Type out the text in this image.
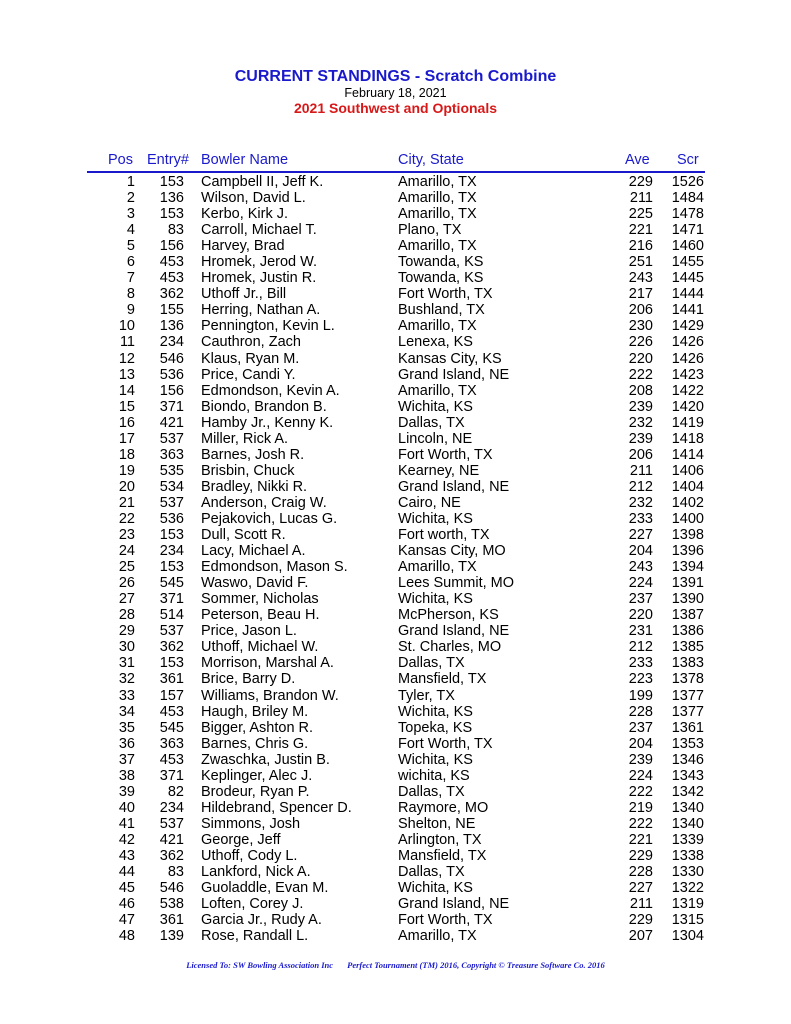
CURRENT STANDINGS - Scratch Combine
February 18, 2021
2021 Southwest and Optionals
Pos Entry# Bowler Name	City, State	Ave Scr
1 153 Campbell II, Jeff K.	Amarillo, TX	229 1526
2 136 Wilson, David L.	Amarillo, TX	211 1484
3 153 Kerbo, Kirk J.	Amarillo, TX	225 1478
4 83 Carroll, Michael T.	Plano, TX	221 1471
5 156 Harvey, Brad	Amarillo, TX	216 1460
6 453 Hromek, Jerod W.	Towanda, KS	251 1455
7 453 Hromek, Justin R.	Towanda, KS	243 1445
8 362 Uthoff Jr., Bill	Fort Worth, TX	217 1444
9 155 Herring, Nathan A.	Bushland, TX	206 1441
10 136 Pennington, Kevin L.	Amarillo, TX	230 1429
11 234 Cauthron, Zach	Lenexa, KS	226 1426
12 546 Klaus, Ryan M.	Kansas City, KS	220 1426
13 536 Price, Candi Y.	Grand Island, NE	222 1423
14 156 Edmondson, Kevin A.	Amarillo, TX	208 1422
15 371 Biondo, Brandon B.	Wichita, KS	239 1420
16 421 Hamby Jr., Kenny K.	Dallas, TX	232 1419
17 537 Miller, Rick A.	Lincoln, NE	239 1418
18 363 Barnes, Josh R.	Fort Worth, TX	206 1414
19 535 Brisbin, Chuck	Kearney, NE	211 1406
20 534 Bradley, Nikki R.	Grand Island, NE	212 1404
21 537 Anderson, Craig W.	Cairo, NE	232 1402
22 536 Pejakovich, Lucas G.	Wichita, KS	233 1400
23 153 Dull, Scott R.	Fort worth, TX	227 1398
24 234 Lacy, Michael A.	Kansas City, MO	204 1396
25 153 Edmondson, Mason S.	Amarillo, TX	243 1394
26 545 Waswo, David F.	Lees Summit, MO	224 1391
27 371 Sommer, Nicholas	Wichita, KS	237 1390
28 514 Peterson, Beau H.	McPherson, KS	220 1387
29 537 Price, Jason L.	Grand Island, NE	231 1386
30 362 Uthoff, Michael W.	St. Charles, MO	212 1385
31 153 Morrison, Marshal A.	Dallas, TX	233 1383
32 361 Brice, Barry D.	Mansfield, TX	223 1378
33 157 Williams, Brandon W.	Tyler, TX	199 1377
34 453 Haugh, Briley M.	Wichita, KS	228 1377
35 545 Bigger, Ashton R.	Topeka, KS	237 1361
36 363 Barnes, Chris G.	Fort Worth, TX	204 1353
37 453 Zwaschka, Justin B.	Wichita, KS	239 1346
38 371 Keplinger, Alec J.	wichita, KS	224 1343
39 82 Brodeur, Ryan P.	Dallas, TX	222 1342
40 234 Hildebrand, Spencer D.	Raymore, MO	219 1340
41 537 Simmons, Josh	Shelton, NE	222 1340
42 421 George, Jeff	Arlington, TX	221 1339
43 362 Uthoff, Cody L.	Mansfield, TX	229 1338
44 83 Lankford, Nick A.	Dallas, TX	228 1330
45 546 Guoladdle, Evan M.	Wichita, KS	227 1322
46 538 Loften, Corey J.	Grand Island, NE	211 1319
47 361 Garcia Jr., Rudy A.	Fort Worth, TX	229 1315
48 139 Rose, Randall L.	Amarillo, TX	207 1304
Licensed To: SW Bowling Association Inc Perfect Tournament (TM) 2016, Copyright © Treasure Software Co. 2016
